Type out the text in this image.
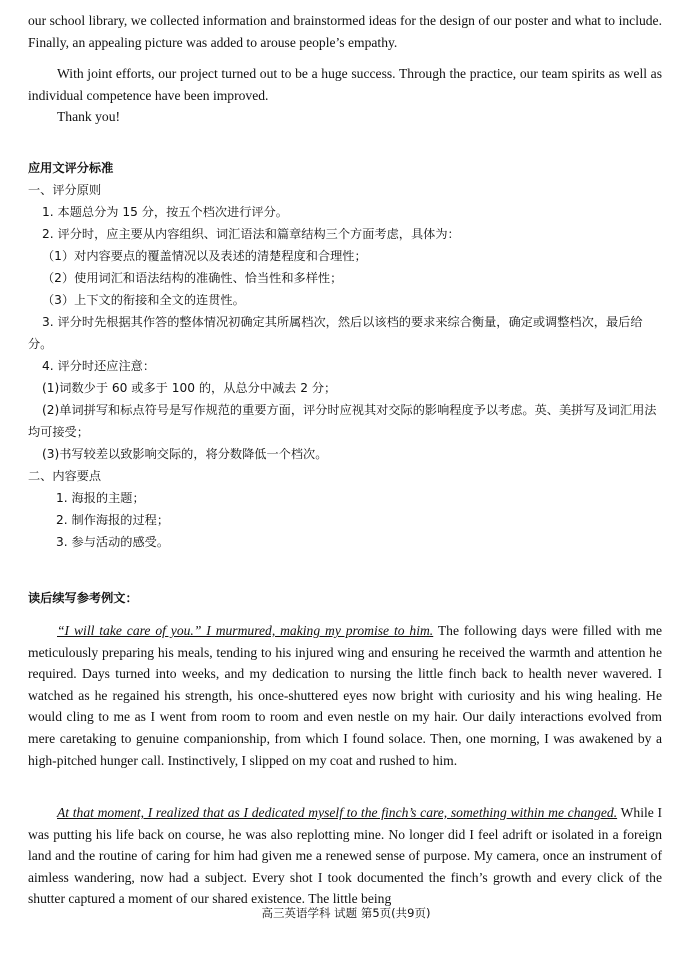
our school library, we collected information and brainstormed ideas for the design of our poster and what to include. Finally, an appealing picture was added to arouse people’s empathy.

With joint efforts, our project turned out to be a huge success. Through the practice, our team spirits as well as individual competence have been improved.

Thank you!

应用文评分标准

一、评分原则

1. 本题总分为 15 分，按五个档次进行评分。

2. 评分时，应主要从内容组织、词汇语法和篇章结构三个方面考虑，具体为：

（1）对内容要点的覆盖情况以及表述的清楚程度和合理性；

（2）使用词汇和语法结构的准确性、恰当性和多样性；

（3）上下文的衔接和全文的连贯性。

3. 评分时先根据其作答的整体情况初确定其所属档次，然后以该档的要求来综合衡量，确定或调整档次，最后给分。

4. 评分时还应注意：

(1)词数少于 60 或多于 100 的，从总分中减去 2 分；

(2)单词拼写和标点符号是写作规范的重要方面，评分时应视其对交际的影响程度予以考虑。英、美拼写及词汇用法均可接受；

(3)书写较差以致影响交际的，将分数降低一个档次。

二、内容要点

1. 海报的主题；

2. 制作海报的过程；

3. 参与活动的感受。

读后续写参考例文：

“I will take care of you.” I murmured, making my promise to him. The following days were filled with me meticulously preparing his meals, tending to his injured wing and ensuring he received the warmth and attention he required. Days turned into weeks, and my dedication to nursing the little finch back to health never wavered. I watched as he regained his strength, his once-shuttered eyes now bright with curiosity and his wing healing. He would cling to me as I went from room to room and even nestle on my hair. Our daily interactions evolved from mere caretaking to genuine companionship, from which I found solace. Then, one morning, I was awakened by a high-pitched hunger call. Instinctively, I slipped on my coat and rushed to him.

At that moment, I realized that as I dedicated myself to the finch’s care, something within me changed. While I was putting his life back on course, he was also replotting mine. No longer did I feel adrift or isolated in a foreign land and the routine of caring for him had given me a renewed sense of purpose. My camera, once an instrument of aimless wandering, now had a subject. Every shot I took documented the finch’s growth and every click of the shutter captured a moment of our shared existence. The little being

高三英语学科 试题 第5页(共9页)
